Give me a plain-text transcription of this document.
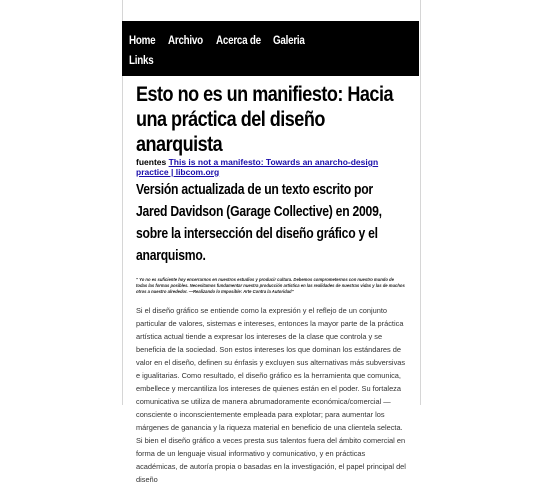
Home Archivo Acerca de Galeria
Links
Esto no es un manifiesto: Hacia una práctica del diseño anarquista
fuentes This is not a manifesto: Towards an anarcho-design practice | libcom.org
Versión actualizada de un texto escrito por Jared Davidson (Garage Collective) en 2009, sobre la intersección del diseño gráfico y el anarquismo.

" Yo no es suficiente hoy encerrarnos en nuestros estudios y producir cultura. Debemos comprometernos con nuestro mundo de todas las formas posibles. Necesitamos fundamentar nuestra producción artística en las realidades de nuestras vidas y las de muchos otros a nuestro alrededor. —Realizando lo Imposible: Arte Contra la Autoridad"

Si el diseño gráfico se entiende como la expresión y el reflejo de un conjunto particular de valores, sistemas e intereses, entonces la mayor parte de la práctica artística actual tiende a expresar los intereses de la clase que controla y se beneficia de la sociedad. Son estos intereses los que dominan los estándares de valor en el diseño, definen su énfasis y excluyen sus alternativas más subversivas e igualitarias. Como resultado, el diseño gráfico es la herramienta que comunica, embellece y mercantiliza los intereses de quienes están en el poder. Su fortaleza comunicativa se utiliza de manera abrumadoramente económica/comercial — consciente o inconscientemente empleada para explotar; para aumentar los márgenes de ganancia y la riqueza material en beneficio de una clientela selecta. Si bien el diseño gráfico a veces presta sus talentos fuera del ámbito comercial en forma de un lenguaje visual informativo y comunicativo, y en prácticas académicas, de autoría propia o basadas en la investigación, el papel principal del diseño
